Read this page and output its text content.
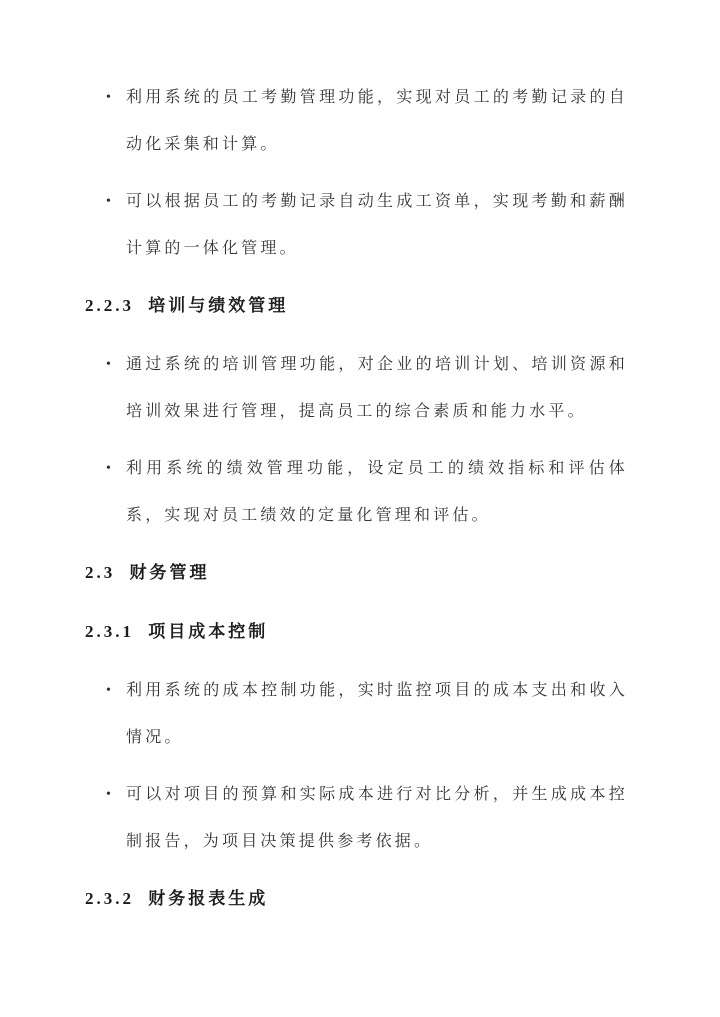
• 利用系统的员工考勤管理功能，实现对员工的考勤记录的自动化采集和计算。
• 可以根据员工的考勤记录自动生成工资单，实现考勤和薪酬计算的一体化管理。
2.2.3 培训与绩效管理
• 通过系统的培训管理功能，对企业的培训计划、培训资源和培训效果进行管理，提高员工的综合素质和能力水平。
• 利用系统的绩效管理功能，设定员工的绩效指标和评估体系，实现对员工绩效的定量化管理和评估。
2.3 财务管理
2.3.1 项目成本控制
• 利用系统的成本控制功能，实时监控项目的成本支出和收入情况。
• 可以对项目的预算和实际成本进行对比分析，并生成成本控制报告，为项目决策提供参考依据。
2.3.2 财务报表生成
